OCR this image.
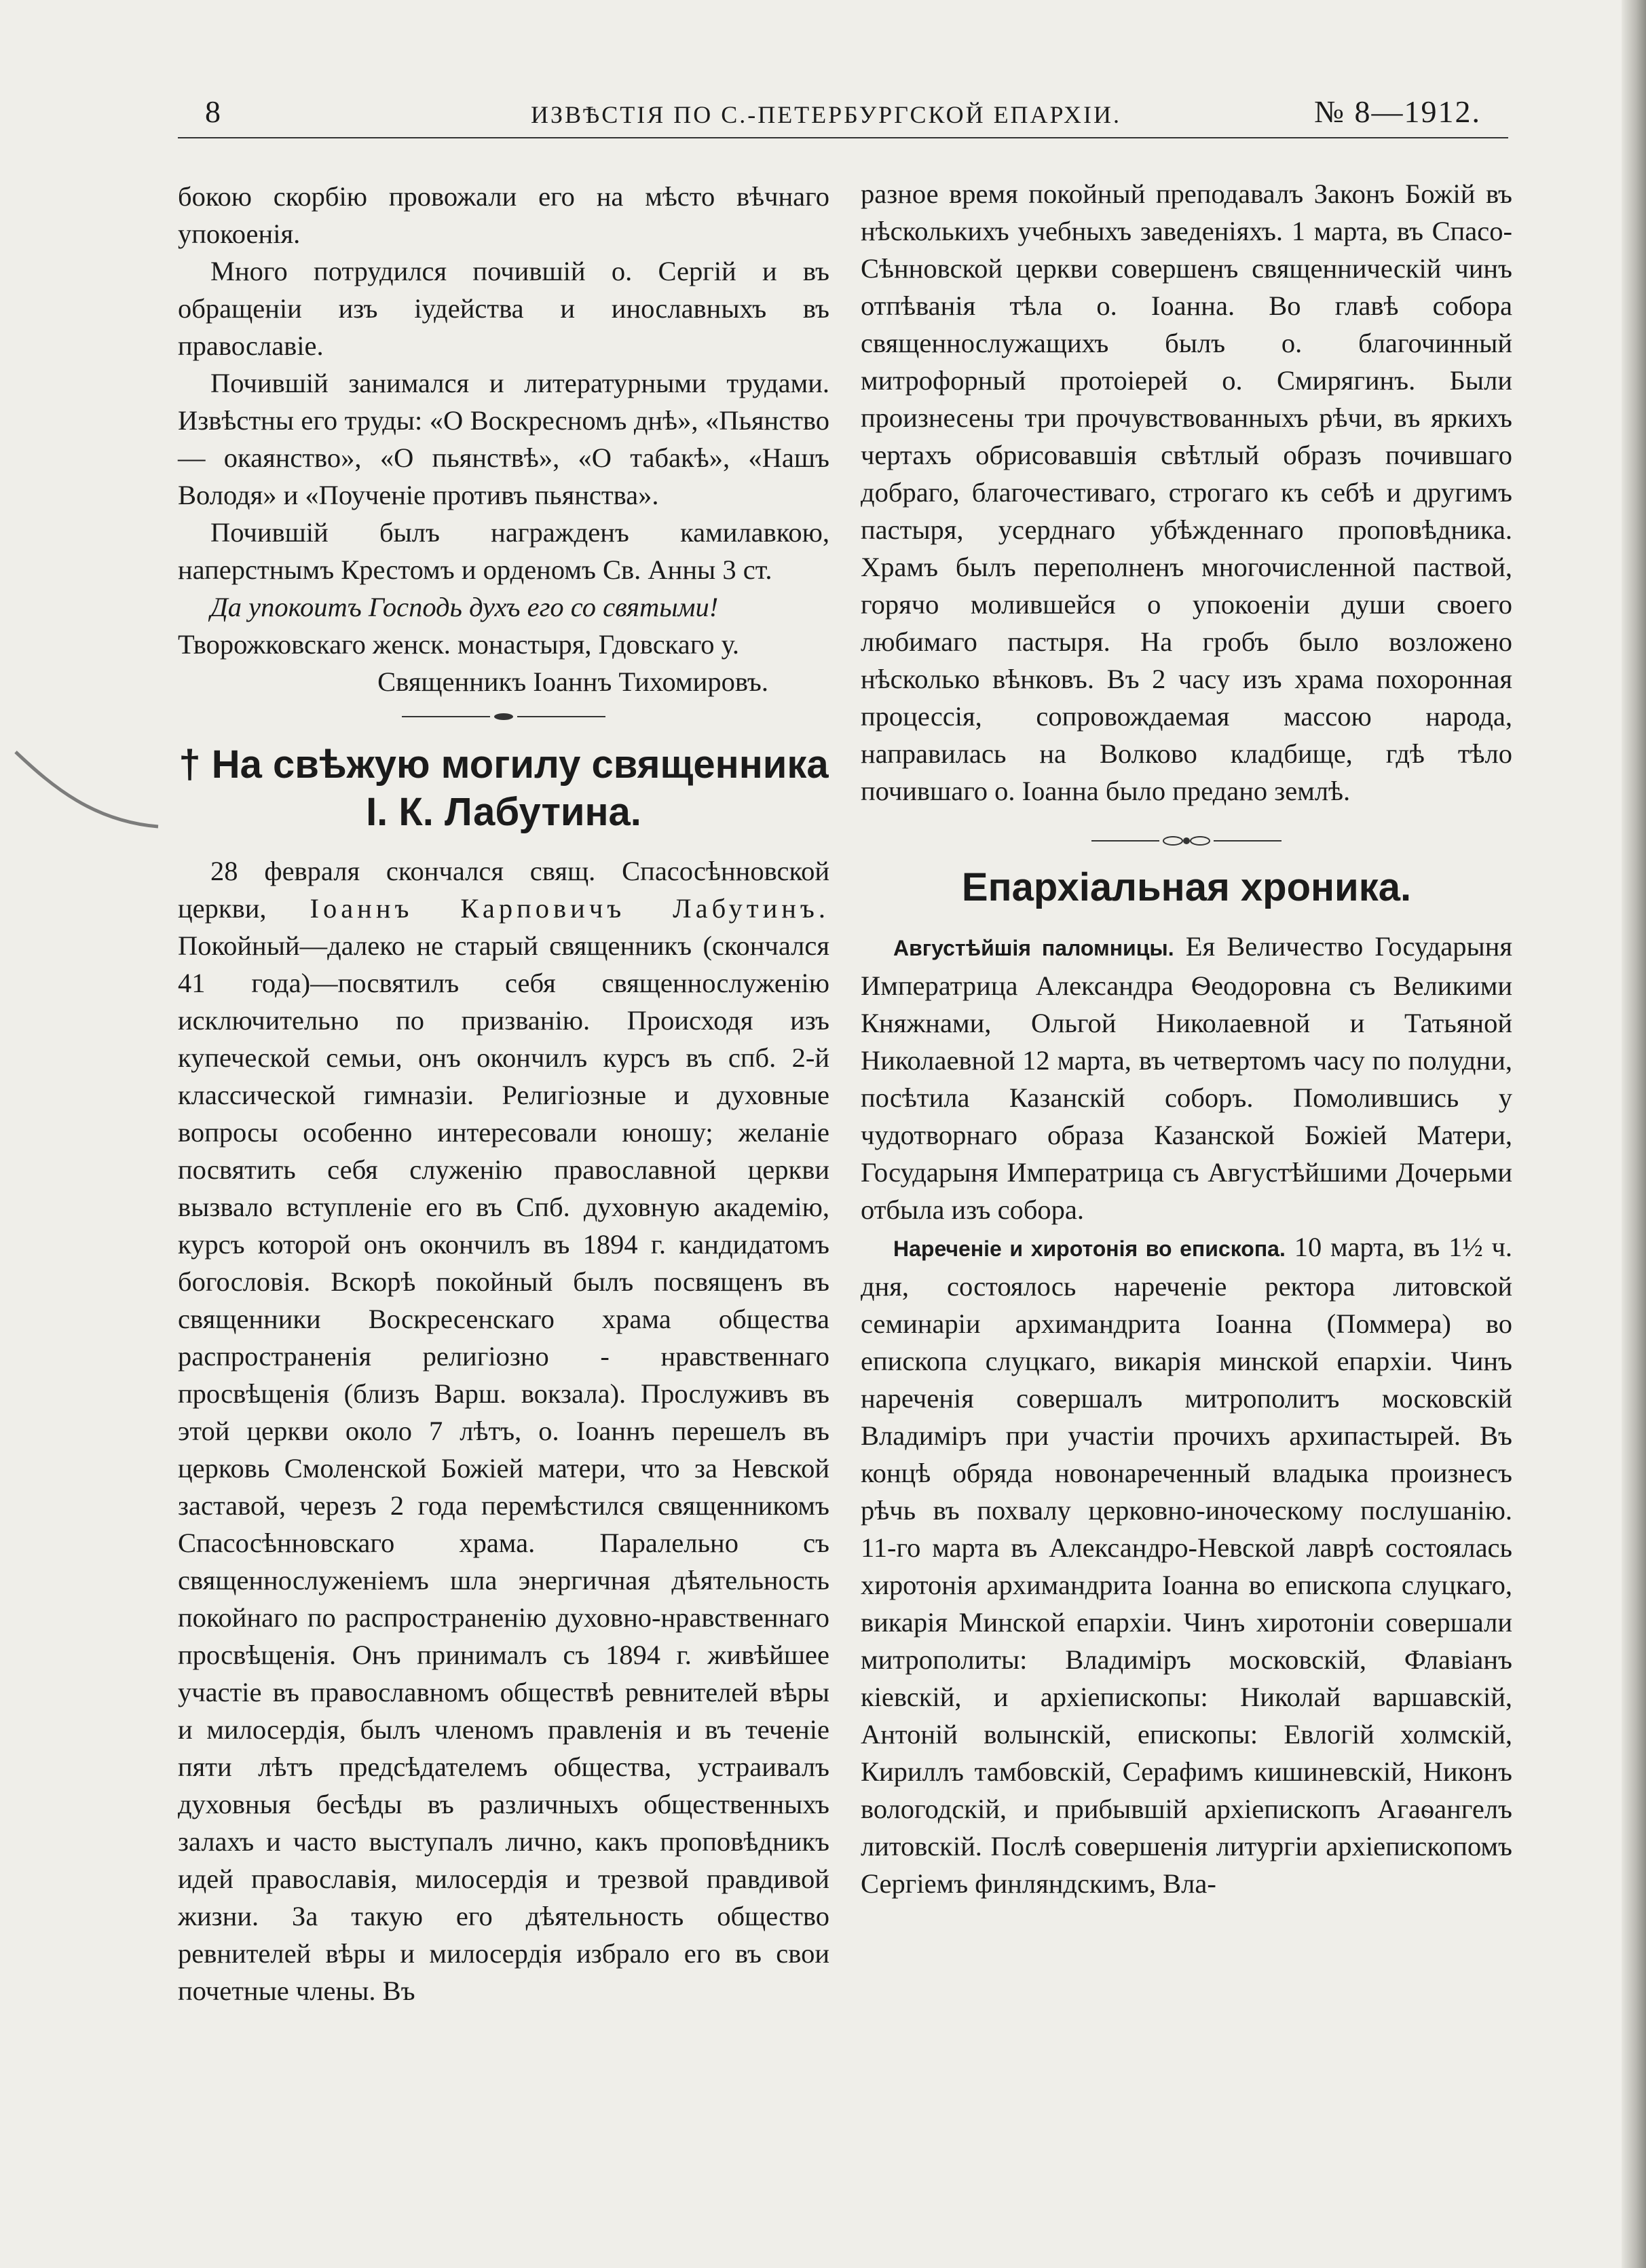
8	ИЗВѢСТІЯ ПО С.-ПЕТЕРБУРГСКОЙ ЕПАРХІИ.	№ 8—1912.

бокою скорбію провожали его на мѣсто вѣчнаго упокоенія.

Много потрудился почившій о. Сергій и въ обращеніи изъ іудейства и инославныхъ въ православіе.

Почившій занимался и литературными трудами. Извѣстны его труды: «О Воскресномъ днѣ», «Пьянство — окаянство», «О пьянствѣ», «О табакѣ», «Нашъ Володя» и «Поученіе противъ пьянства».

Почившій былъ награжденъ камилавкою, наперстнымъ Крестомъ и орденомъ Св. Анны 3 ст.

Да упокоитъ Господь духъ его со святыми!

Творожковскаго женск. монастыря, Гдовскаго у.

Священникъ Іоаннъ Тихомировъ.

† На свѣжую могилу священника І. К. Лабутина.

28 февраля скончался свящ. Спасосѣнновской церкви, Іоаннъ Карповичъ Лабутинъ. Покойный—далеко не старый священникъ (скончался 41 года)—посвятилъ себя священнослуженію исключительно по призванію. Происходя изъ купеческой семьи, онъ окончилъ курсъ въ спб. 2-й классической гимназіи. Религіозные и духовные вопросы особенно интересовали юношу; желаніе посвятить себя служенію православной церкви вызвало вступленіе его въ Спб. духовную академію, курсъ которой онъ окончилъ въ 1894 г. кандидатомъ богословія. Вскорѣ покойный былъ посвященъ въ священники Воскресенскаго храма общества распространенія религіозно - нравственнаго просвѣщенія (близъ Варш. вокзала). Прослуживъ въ этой церкви около 7 лѣтъ, о. Іоаннъ перешелъ въ церковь Смоленской Божіей матери, что за Невской заставой, черезъ 2 года перемѣстился священникомъ Спасосѣнновскаго храма. Паралельно съ священнослуженіемъ шла энергичная дѣятельность покойнаго по распространенію духовно-нравственнаго просвѣщенія. Онъ принималъ съ 1894 г. живѣйшее участіе въ православномъ обществѣ ревнителей вѣры и милосердія, былъ членомъ правленія и въ теченіе пяти лѣтъ предсѣдателемъ общества, устраивалъ духовныя бесѣды въ различныхъ общественныхъ залахъ и часто выступалъ лично, какъ проповѣдникъ идей православія, милосердія и трезвой правдивой жизни. За такую его дѣятельность общество ревнителей вѣры и милосердія избрало его въ свои почетные члены. Въ

разное время покойный преподавалъ Законъ Божій въ нѣсколькихъ учебныхъ заведеніяхъ. 1 марта, въ Спасо-Сѣнновской церкви совершенъ священническій чинъ отпѣванія тѣла о. Іоанна. Во главѣ собора священнослужащихъ былъ о. благочинный митрофорный протоіерей о. Смирягинъ. Были произнесены три прочувствованныхъ рѣчи, въ яркихъ чертахъ обрисовавшія свѣтлый образъ почившаго добраго, благочестиваго, строгаго къ себѣ и другимъ пастыря, усерднаго убѣжденнаго проповѣдника. Храмъ былъ переполненъ многочисленной паствой, горячо молившейся о упокоеніи души своего любимаго пастыря. На гробъ было возложено нѣсколько вѣнковъ. Въ 2 часу изъ храма похоронная процессія, сопровождаемая массою народа, направилась на Волково кладбище, гдѣ тѣло почившаго о. Іоанна было предано землѣ.

Епархіальная хроника.

Августѣйшія паломницы. Ея Величество Государыня Императрица Александра Ѳеодоровна съ Великими Княжнами, Ольгой Николаевной и Татьяной Николаевной 12 марта, въ четвертомъ часу по полудни, посѣтила Казанскій соборъ. Помолившись у чудотворнаго образа Казанской Божіей Матери, Государыня Императрица съ Августѣйшими Дочерьми отбыла изъ собора.

Нареченіе и хиротонія во епископа. 10 марта, въ 1½ ч. дня, состоялось нареченіе ректора литовской семинаріи архимандрита Іоанна (Поммера) во епископа слуцкаго, викарія минской епархіи. Чинъ нареченія совершалъ митрополитъ московскій Владиміръ при участіи прочихъ архипастырей. Въ концѣ обряда новонареченный владыка произнесъ рѣчь въ похвалу церковно-иноческому послушанію. 11-го марта въ Александро-Невской лаврѣ состоялась хиротонія архимандрита Іоанна во епископа слуцкаго, викарія Минской епархіи. Чинъ хиротоніи совершали митрополиты: Владиміръ московскій, Флавіанъ кіевскій, и архіепископы: Николай варшавскій, Антоній волынскій, епископы: Евлогій холмскій, Кириллъ тамбовскій, Серафимъ кишиневскій, Никонъ вологодскій, и прибывшій архіепископъ Агаѳангелъ литовскій. Послѣ совершенія литургіи архіепископомъ Сергіемъ финляндскимъ, Вла-
